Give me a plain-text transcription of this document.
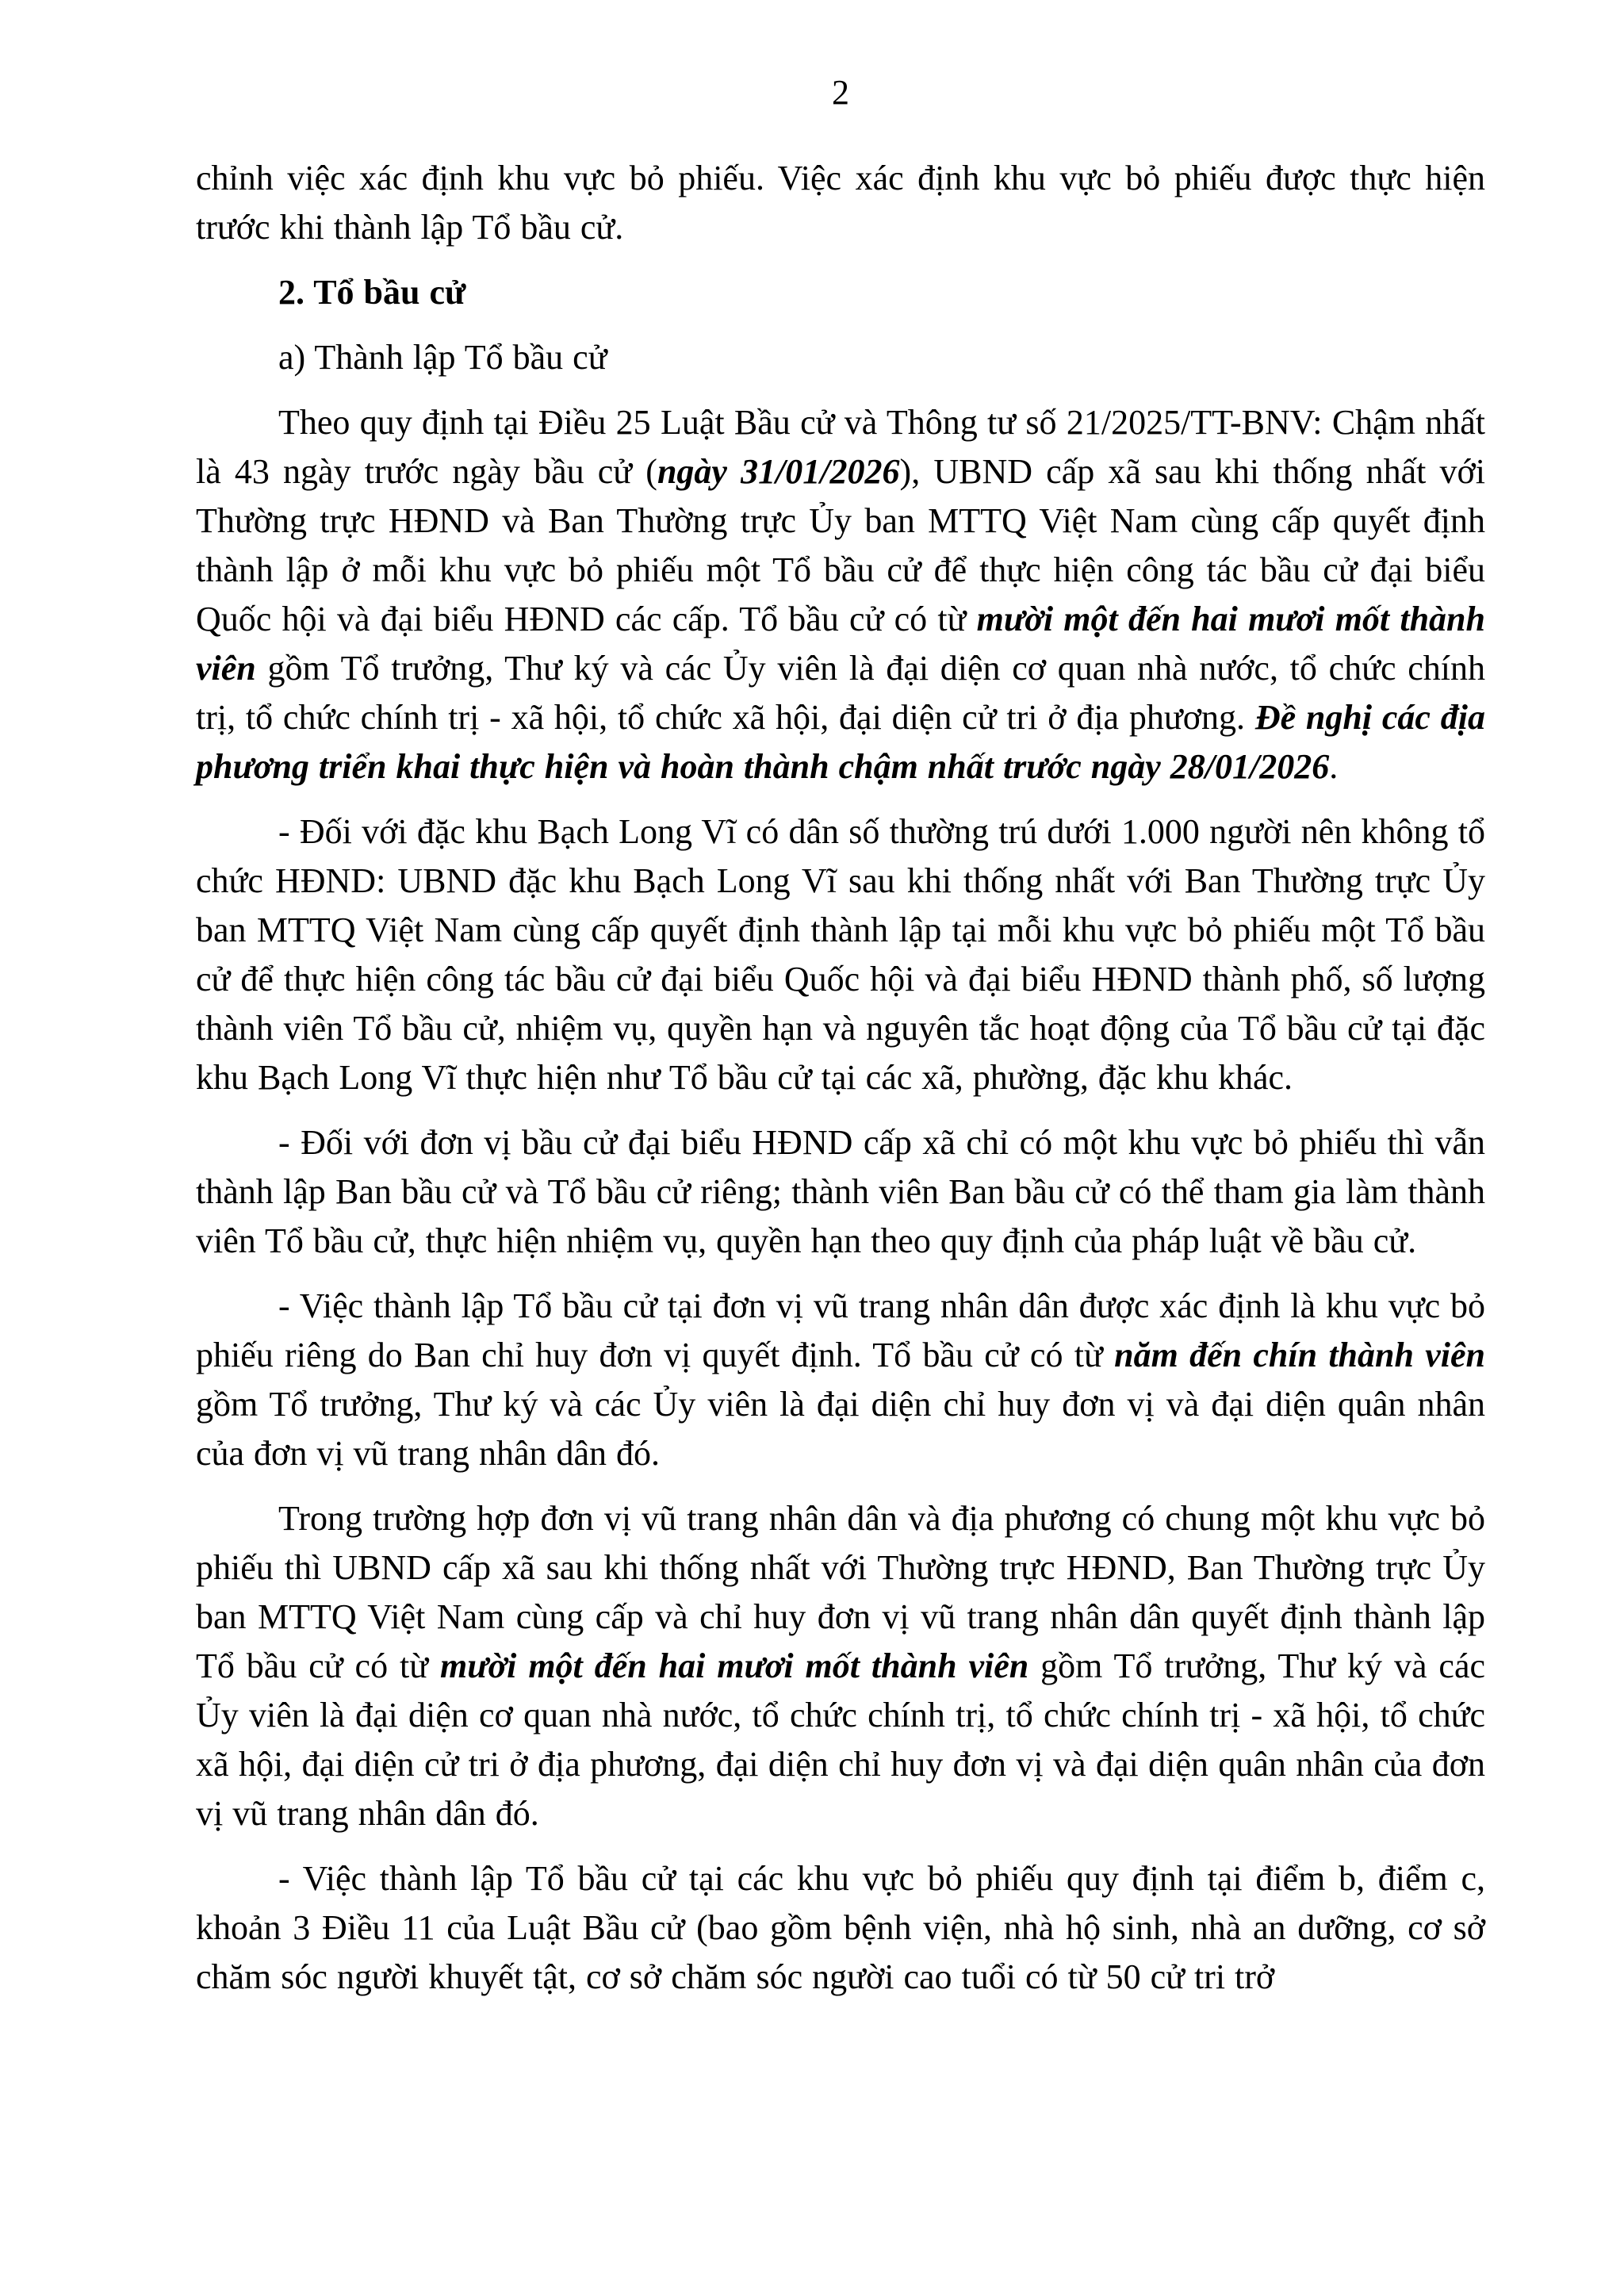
2

chỉnh việc xác định khu vực bỏ phiếu. Việc xác định khu vực bỏ phiếu được thực hiện trước khi thành lập Tổ bầu cử.

2. Tổ bầu cử

a) Thành lập Tổ bầu cử

Theo quy định tại Điều 25 Luật Bầu cử và Thông tư số 21/2025/TT-BNV: Chậm nhất là 43 ngày trước ngày bầu cử (ngày 31/01/2026), UBND cấp xã sau khi thống nhất với Thường trực HĐND và Ban Thường trực Ủy ban MTTQ Việt Nam cùng cấp quyết định thành lập ở mỗi khu vực bỏ phiếu một Tổ bầu cử để thực hiện công tác bầu cử đại biểu Quốc hội và đại biểu HĐND các cấp. Tổ bầu cử có từ mười một đến hai mươi mốt thành viên gồm Tổ trưởng, Thư ký và các Ủy viên là đại diện cơ quan nhà nước, tổ chức chính trị, tổ chức chính trị - xã hội, tổ chức xã hội, đại diện cử tri ở địa phương. Đề nghị các địa phương triển khai thực hiện và hoàn thành chậm nhất trước ngày 28/01/2026.

- Đối với đặc khu Bạch Long Vĩ có dân số thường trú dưới 1.000 người nên không tổ chức HĐND: UBND đặc khu Bạch Long Vĩ sau khi thống nhất với Ban Thường trực Ủy ban MTTQ Việt Nam cùng cấp quyết định thành lập tại mỗi khu vực bỏ phiếu một Tổ bầu cử để thực hiện công tác bầu cử đại biểu Quốc hội và đại biểu HĐND thành phố, số lượng thành viên Tổ bầu cử, nhiệm vụ, quyền hạn và nguyên tắc hoạt động của Tổ bầu cử tại đặc khu Bạch Long Vĩ thực hiện như Tổ bầu cử tại các xã, phường, đặc khu khác.

- Đối với đơn vị bầu cử đại biểu HĐND cấp xã chỉ có một khu vực bỏ phiếu thì vẫn thành lập Ban bầu cử và Tổ bầu cử riêng; thành viên Ban bầu cử có thể tham gia làm thành viên Tổ bầu cử, thực hiện nhiệm vụ, quyền hạn theo quy định của pháp luật về bầu cử.

- Việc thành lập Tổ bầu cử tại đơn vị vũ trang nhân dân được xác định là khu vực bỏ phiếu riêng do Ban chỉ huy đơn vị quyết định. Tổ bầu cử có từ năm đến chín thành viên gồm Tổ trưởng, Thư ký và các Ủy viên là đại diện chỉ huy đơn vị và đại diện quân nhân của đơn vị vũ trang nhân dân đó.

Trong trường hợp đơn vị vũ trang nhân dân và địa phương có chung một khu vực bỏ phiếu thì UBND cấp xã sau khi thống nhất với Thường trực HĐND, Ban Thường trực Ủy ban MTTQ Việt Nam cùng cấp và chỉ huy đơn vị vũ trang nhân dân quyết định thành lập Tổ bầu cử có từ mười một đến hai mươi mốt thành viên gồm Tổ trưởng, Thư ký và các Ủy viên là đại diện cơ quan nhà nước, tổ chức chính trị, tổ chức chính trị - xã hội, tổ chức xã hội, đại diện cử tri ở địa phương, đại diện chỉ huy đơn vị và đại diện quân nhân của đơn vị vũ trang nhân dân đó.

- Việc thành lập Tổ bầu cử tại các khu vực bỏ phiếu quy định tại điểm b, điểm c, khoản 3 Điều 11 của Luật Bầu cử (bao gồm bệnh viện, nhà hộ sinh, nhà an dưỡng, cơ sở chăm sóc người khuyết tật, cơ sở chăm sóc người cao tuổi có từ 50 cử tri trở
